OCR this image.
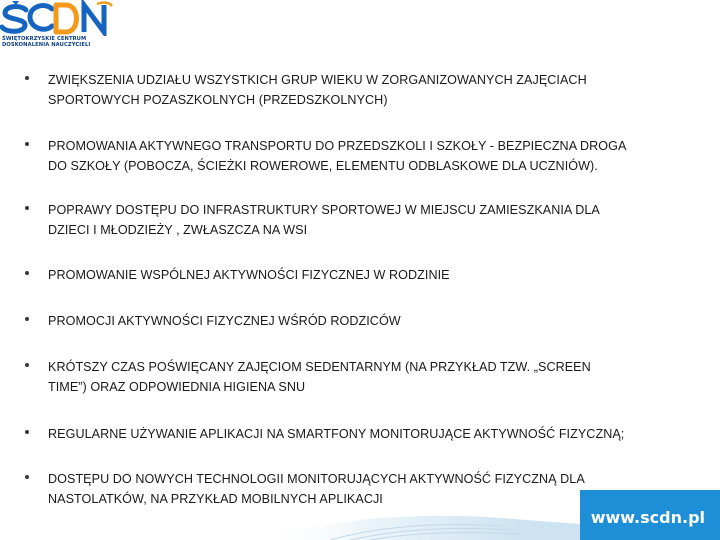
ŚWIĘTOKRZYSKIE CENTRUM
DOSKONALENIA NAUCZYCIELI
ZWIĘKSZENIA UDZIAŁU WSZYSTKICH GRUP WIEKU W ZORGANIZOWANYCH ZAJĘCIACH
SPORTOWYCH POZASZKOLNYCH (PRZEDSZKOLNYCH)
PROMOWANIA AKTYWNEGO TRANSPORTU DO PRZEDSZKOLI I SZKOŁY - BEZPIECZNA DROGA
DO SZKOŁY (POBOCZA, ŚCIEŻKI ROWEROWE, ELEMENTU ODBLASKOWE DLA UCZNIÓW).
POPRAWY DOSTĘPU DO INFRASTRUKTURY SPORTOWEJ W MIEJSCU ZAMIESZKANIA DLA
DZIECI I MŁODZIEŻY , ZWŁASZCZA NA WSI
PROMOWANIE WSPÓLNEJ AKTYWNOŚCI FIZYCZNEJ W RODZINIE
PROMOCJI AKTYWNOŚCI FIZYCZNEJ WŚRÓD RODZICÓW
KRÓTSZY CZAS POŚWIĘCANY ZAJĘCIOM SEDENTARNYM (NA PRZYKŁAD TZW. „SCREEN
TIME”) ORAZ ODPOWIEDNIA HIGIENA SNU
REGULARNE UŻYWANIE APLIKACJI NA SMARTFONY MONITORUJĄCE AKTYWNOŚĆ FIZYCZNĄ;
DOSTĘPU DO NOWYCH TECHNOLOGII MONITORUJĄCYCH AKTYWNOŚĆ FIZYCZNĄ DLA
NASTOLATKÓW, NA PRZYKŁAD MOBILNYCH APLIKACJI
www.scdn.pl
